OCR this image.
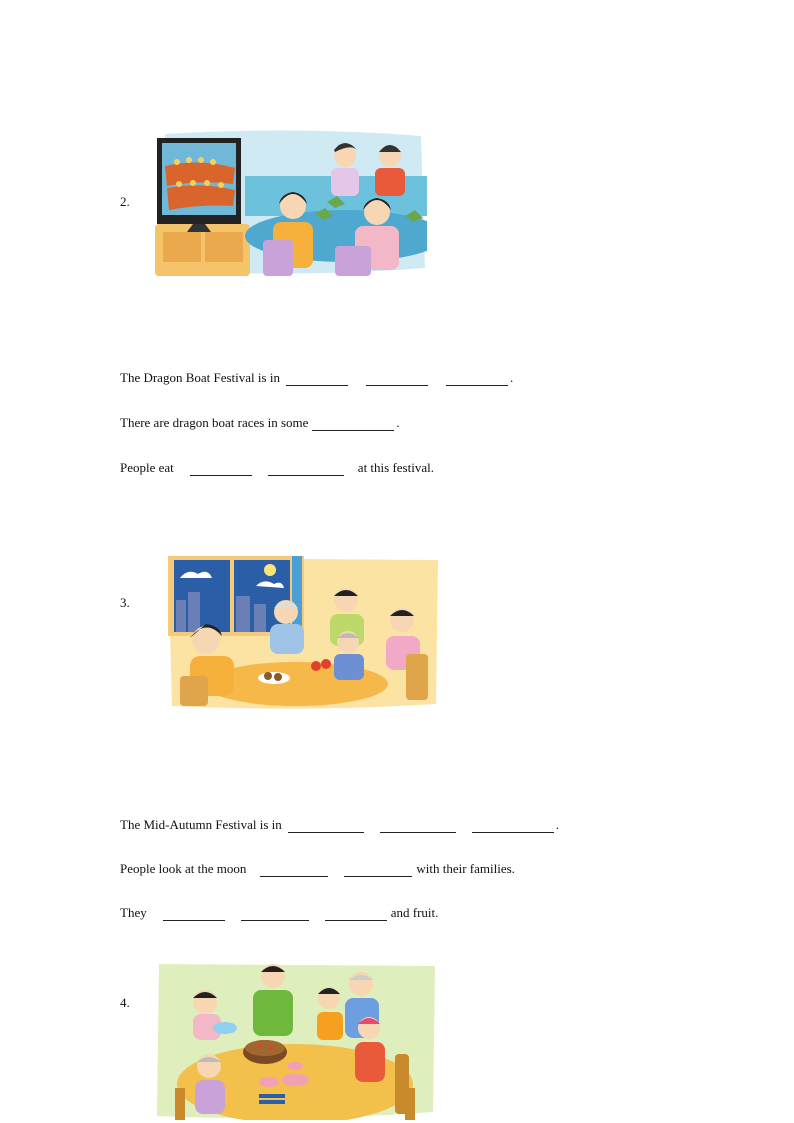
2.
The Dragon Boat Festival is in	.
There are dragon boat races in some	.
People eat	at this festival.
3.
The Mid-Autumn Festival is in	.
People look at the moon	with their families.
They	and fruit.
4.
